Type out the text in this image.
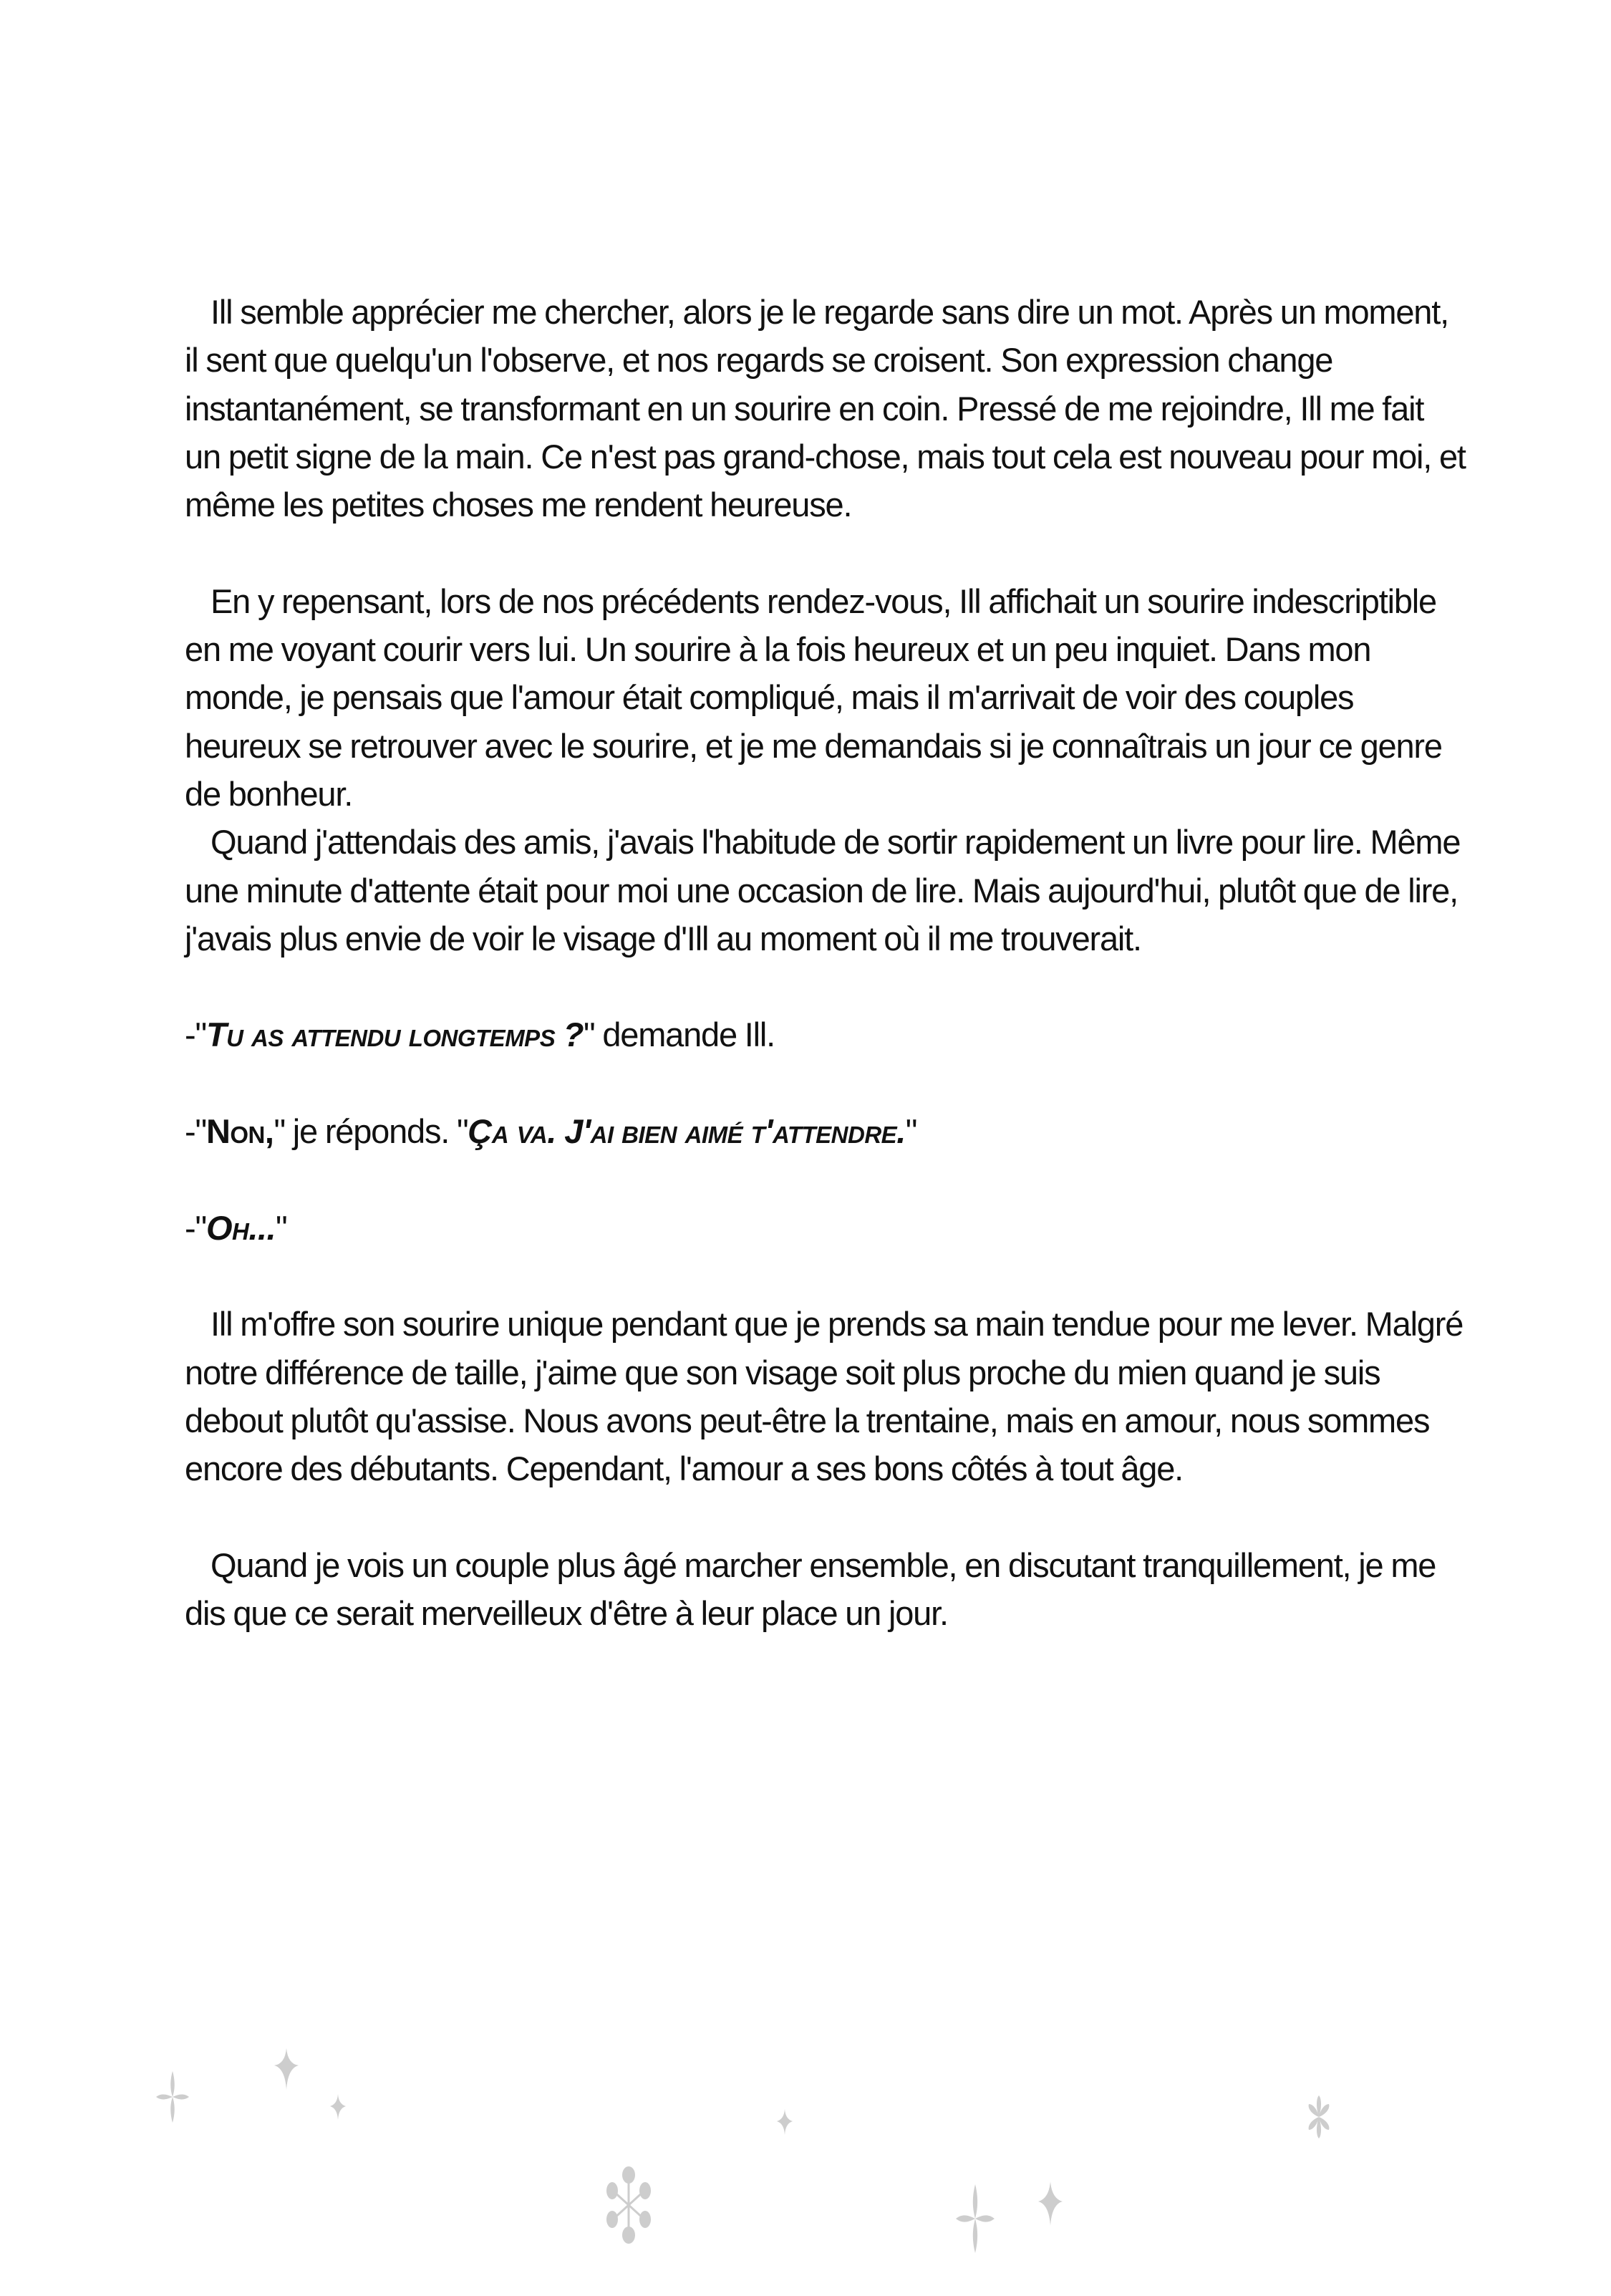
Ill semble apprécier me chercher, alors je le regarde sans dire un mot. Après un moment, il sent que quelqu'un l'observe, et nos regards se croisent. Son expression change instantanément, se transformant en un sourire en coin. Pressé de me rejoindre, Ill me fait un petit signe de la main. Ce n'est pas grand-chose, mais tout cela est nouveau pour moi, et même les petites choses me rendent heureuse.

En y repensant, lors de nos précédents rendez-vous, Ill affichait un sourire indescriptible en me voyant courir vers lui. Un sourire à la fois heureux et un peu inquiet. Dans mon monde, je pensais que l'amour était compliqué, mais il m'arrivait de voir des couples heureux se retrouver avec le sourire, et je me demandais si je connaîtrais un jour ce genre de bonheur.

Quand j'attendais des amis, j'avais l'habitude de sortir rapidement un livre pour lire. Même une minute d'attente était pour moi une occasion de lire. Mais aujourd'hui, plutôt que de lire, j'avais plus envie de voir le visage d'Ill au moment où il me trouverait.

-"Tu as attendu longtemps ?" demande Ill.

-"Non," je réponds. "Ça va. J'ai bien aimé t'attendre."

-"Oh..."

Ill m'offre son sourire unique pendant que je prends sa main tendue pour me lever. Malgré notre différence de taille, j'aime que son visage soit plus proche du mien quand je suis debout plutôt qu'assise. Nous avons peut-être la trentaine, mais en amour, nous sommes encore des débutants. Cependant, l'amour a ses bons côtés à tout âge.

Quand je vois un couple plus âgé marcher ensemble, en discutant tranquillement, je me dis que ce serait merveilleux d'être à leur place un jour.
